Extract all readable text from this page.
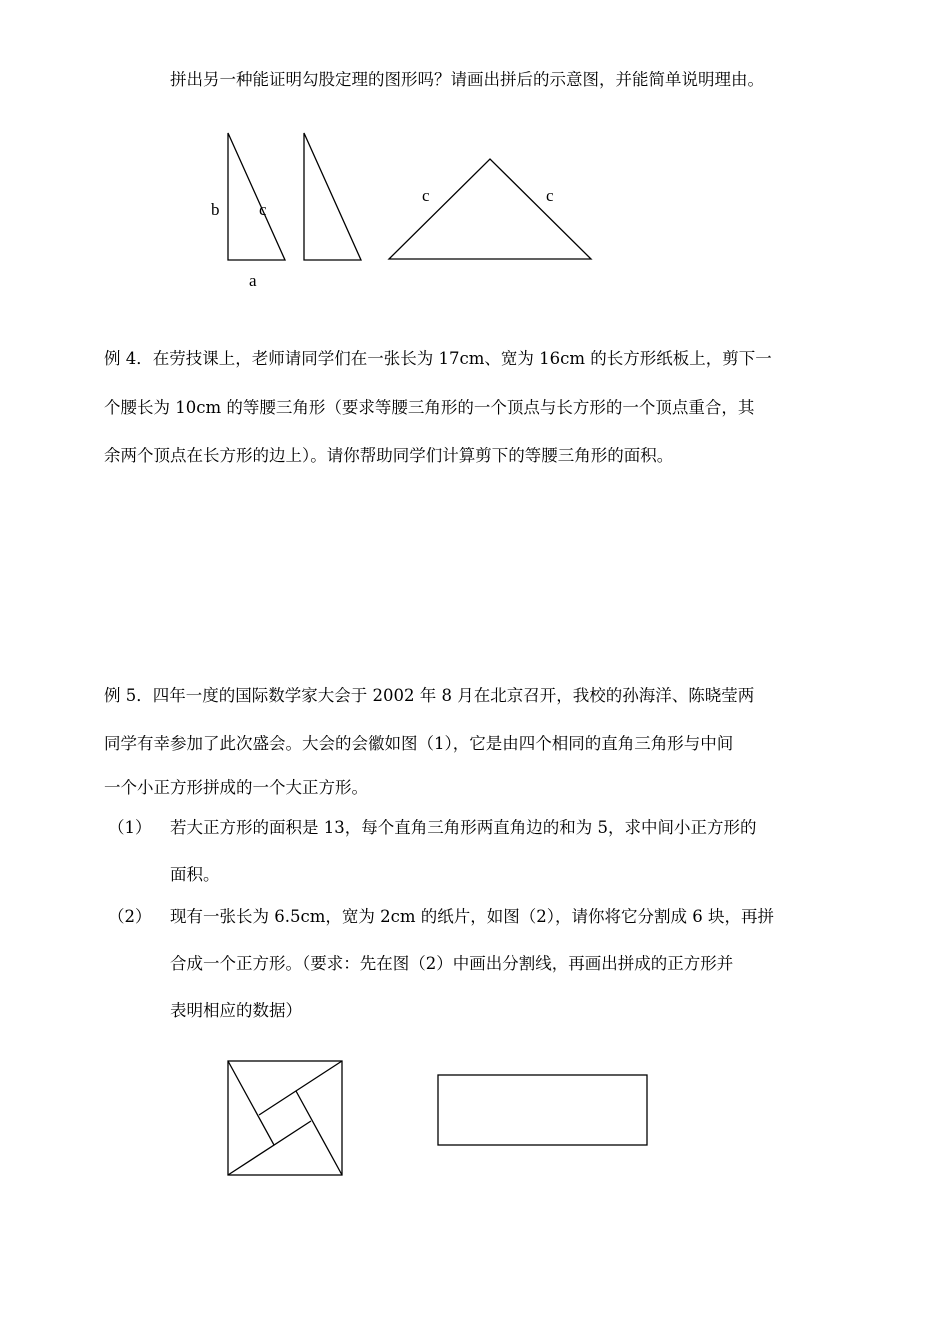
拼出另一种能证明勾股定理的图形吗？请画出拼后的示意图，并能简单说明理由。
b c
a
c	c
例 4．在劳技课上，老师请同学们在一张长为 17cm、宽为 16cm 的长方形纸板上，剪下一
个腰长为 10cm 的等腰三角形（要求等腰三角形的一个顶点与长方形的一个顶点重合，其
余两个顶点在长方形的边上）。请你帮助同学们计算剪下的等腰三角形的面积。
例 5．四年一度的国际数学家大会于 2002 年 8 月在北京召开，我校的孙海洋、陈晓莹两
同学有幸参加了此次盛会。大会的会徽如图（1），它是由四个相同的直角三角形与中间
一个小正方形拼成的一个大正方形。
（1） 若大正方形的面积是 13，每个直角三角形两直角边的和为 5，求中间小正方形的
面积。
（2） 现有一张长为 6.5cm，宽为 2cm 的纸片，如图（2），请你将它分割成 6 块，再拼
合成一个正方形。（要求：先在图（2）中画出分割线，再画出拼成的正方形并
表明相应的数据）
